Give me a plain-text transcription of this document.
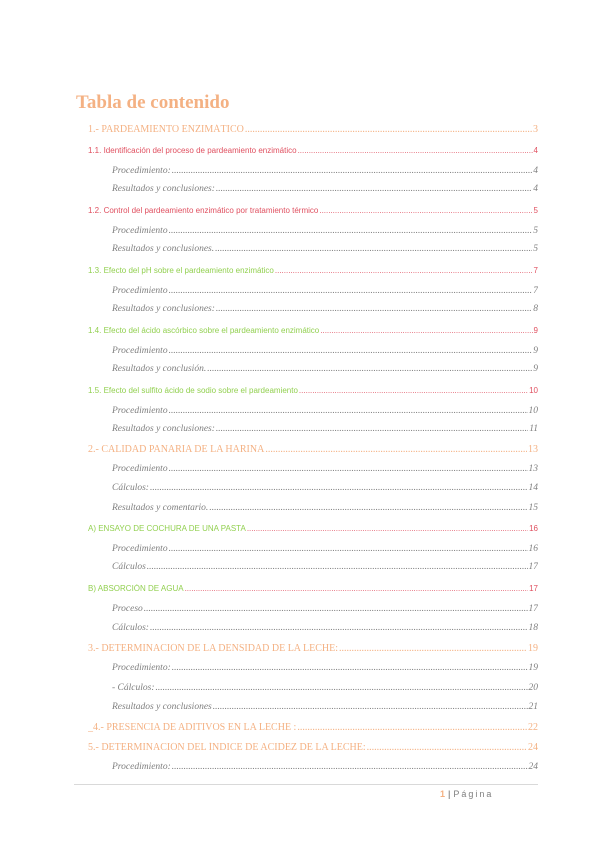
Tabla de contenido
1.- PARDEAMIENTO ENZIMÁTICO .....	3
1.1. Identificación del proceso de pardeamiento enzimático .....	4
Procedimiento: .....	4
Resultados y conclusiones: .....	4
1.2. Control del pardeamiento enzimático por tratamiento térmico .....	5
Procedimiento .....	5
Resultados y conclusiones. .....	5
1.3. Efecto del pH sobre el pardeamiento enzimático .....	7
Procedimiento .....	7
Resultados y conclusiones: .....	8
1.4. Efecto del ácido ascórbico sobre el pardeamiento enzimático .....	9
Procedimiento .....	9
Resultados y conclusión. .....	9
1.5. Efecto del sulfito ácido de sodio sobre el pardeamiento .....	10
Procedimiento .....	10
Resultados y conclusiones: .....	11
2.- CALIDAD PANARIA DE LA HARINA .....	13
Procedimiento .....	13
Cálculos: .....	14
Resultados y comentario. .....	15
A) ENSAYO DE COCHURA DE UNA PASTA .....	16
Procedimiento .....	16
Cálculos .....	17
B) ABSORCIÓN DE AGUA .....	17
Proceso .....	17
Cálculos: .....	18
3.- DETERMINACIÓN DE LA DENSIDAD DE LA LECHE: .....	19
Procedimiento: .....	19
- Cálculos: .....	20
Resultados y conclusiones .....	21
_4.- PRESENCIA DE ADITIVOS EN LA LECHE : .....	22
5.- DETERMINACIÓN DEL ÍNDICE DE ACIDEZ DE LA LECHE: .....	24
Procedimiento: .....	24
1 | Página
